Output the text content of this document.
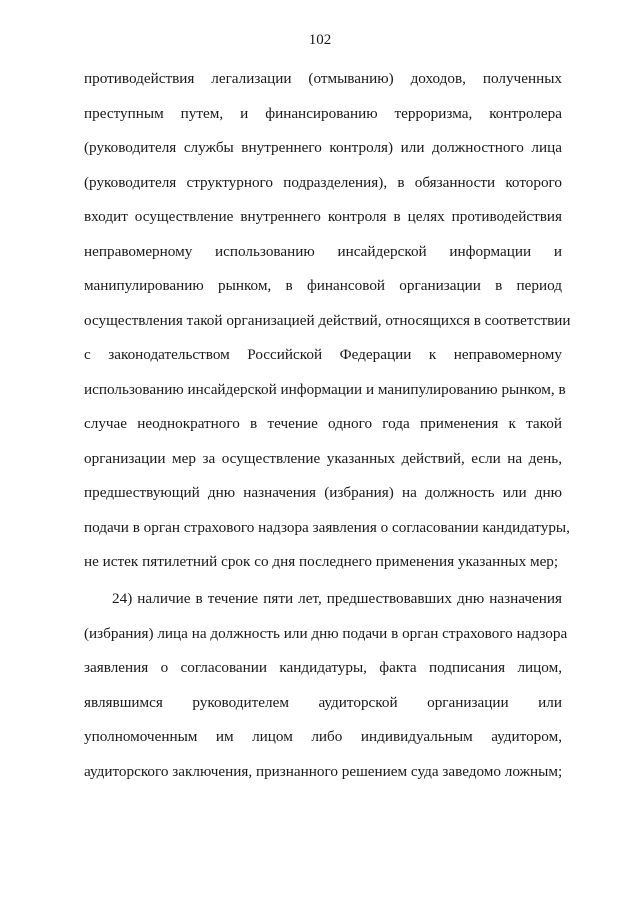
102
противодействия легализации (отмыванию) доходов, полученных
преступным путем, и финансированию терроризма, контролера
(руководителя службы внутреннего контроля) или должностного лица
(руководителя структурного подразделения), в обязанности которого
входит осуществление внутреннего контроля в целях противодействия
неправомерному использованию инсайдерской информации и
манипулированию рынком, в финансовой организации в период
осуществления такой организацией действий, относящихся в соответствии
с законодательством Российской Федерации к неправомерному
использованию инсайдерской информации и манипулированию рынком, в
случае неоднократного в течение одного года применения к такой
организации мер за осуществление указанных действий, если на день,
предшествующий дню назначения (избрания) на должность или дню
подачи в орган страхового надзора заявления о согласовании кандидатуры,
не истек пятилетний срок со дня последнего применения указанных мер;
24) наличие в течение пяти лет, предшествовавших дню назначения
(избрания) лица на должность или дню подачи в орган страхового надзора
заявления о согласовании кандидатуры, факта подписания лицом,
являвшимся руководителем аудиторской организации или
уполномоченным им лицом либо индивидуальным аудитором,
аудиторского заключения, признанного решением суда заведомо ложным;
